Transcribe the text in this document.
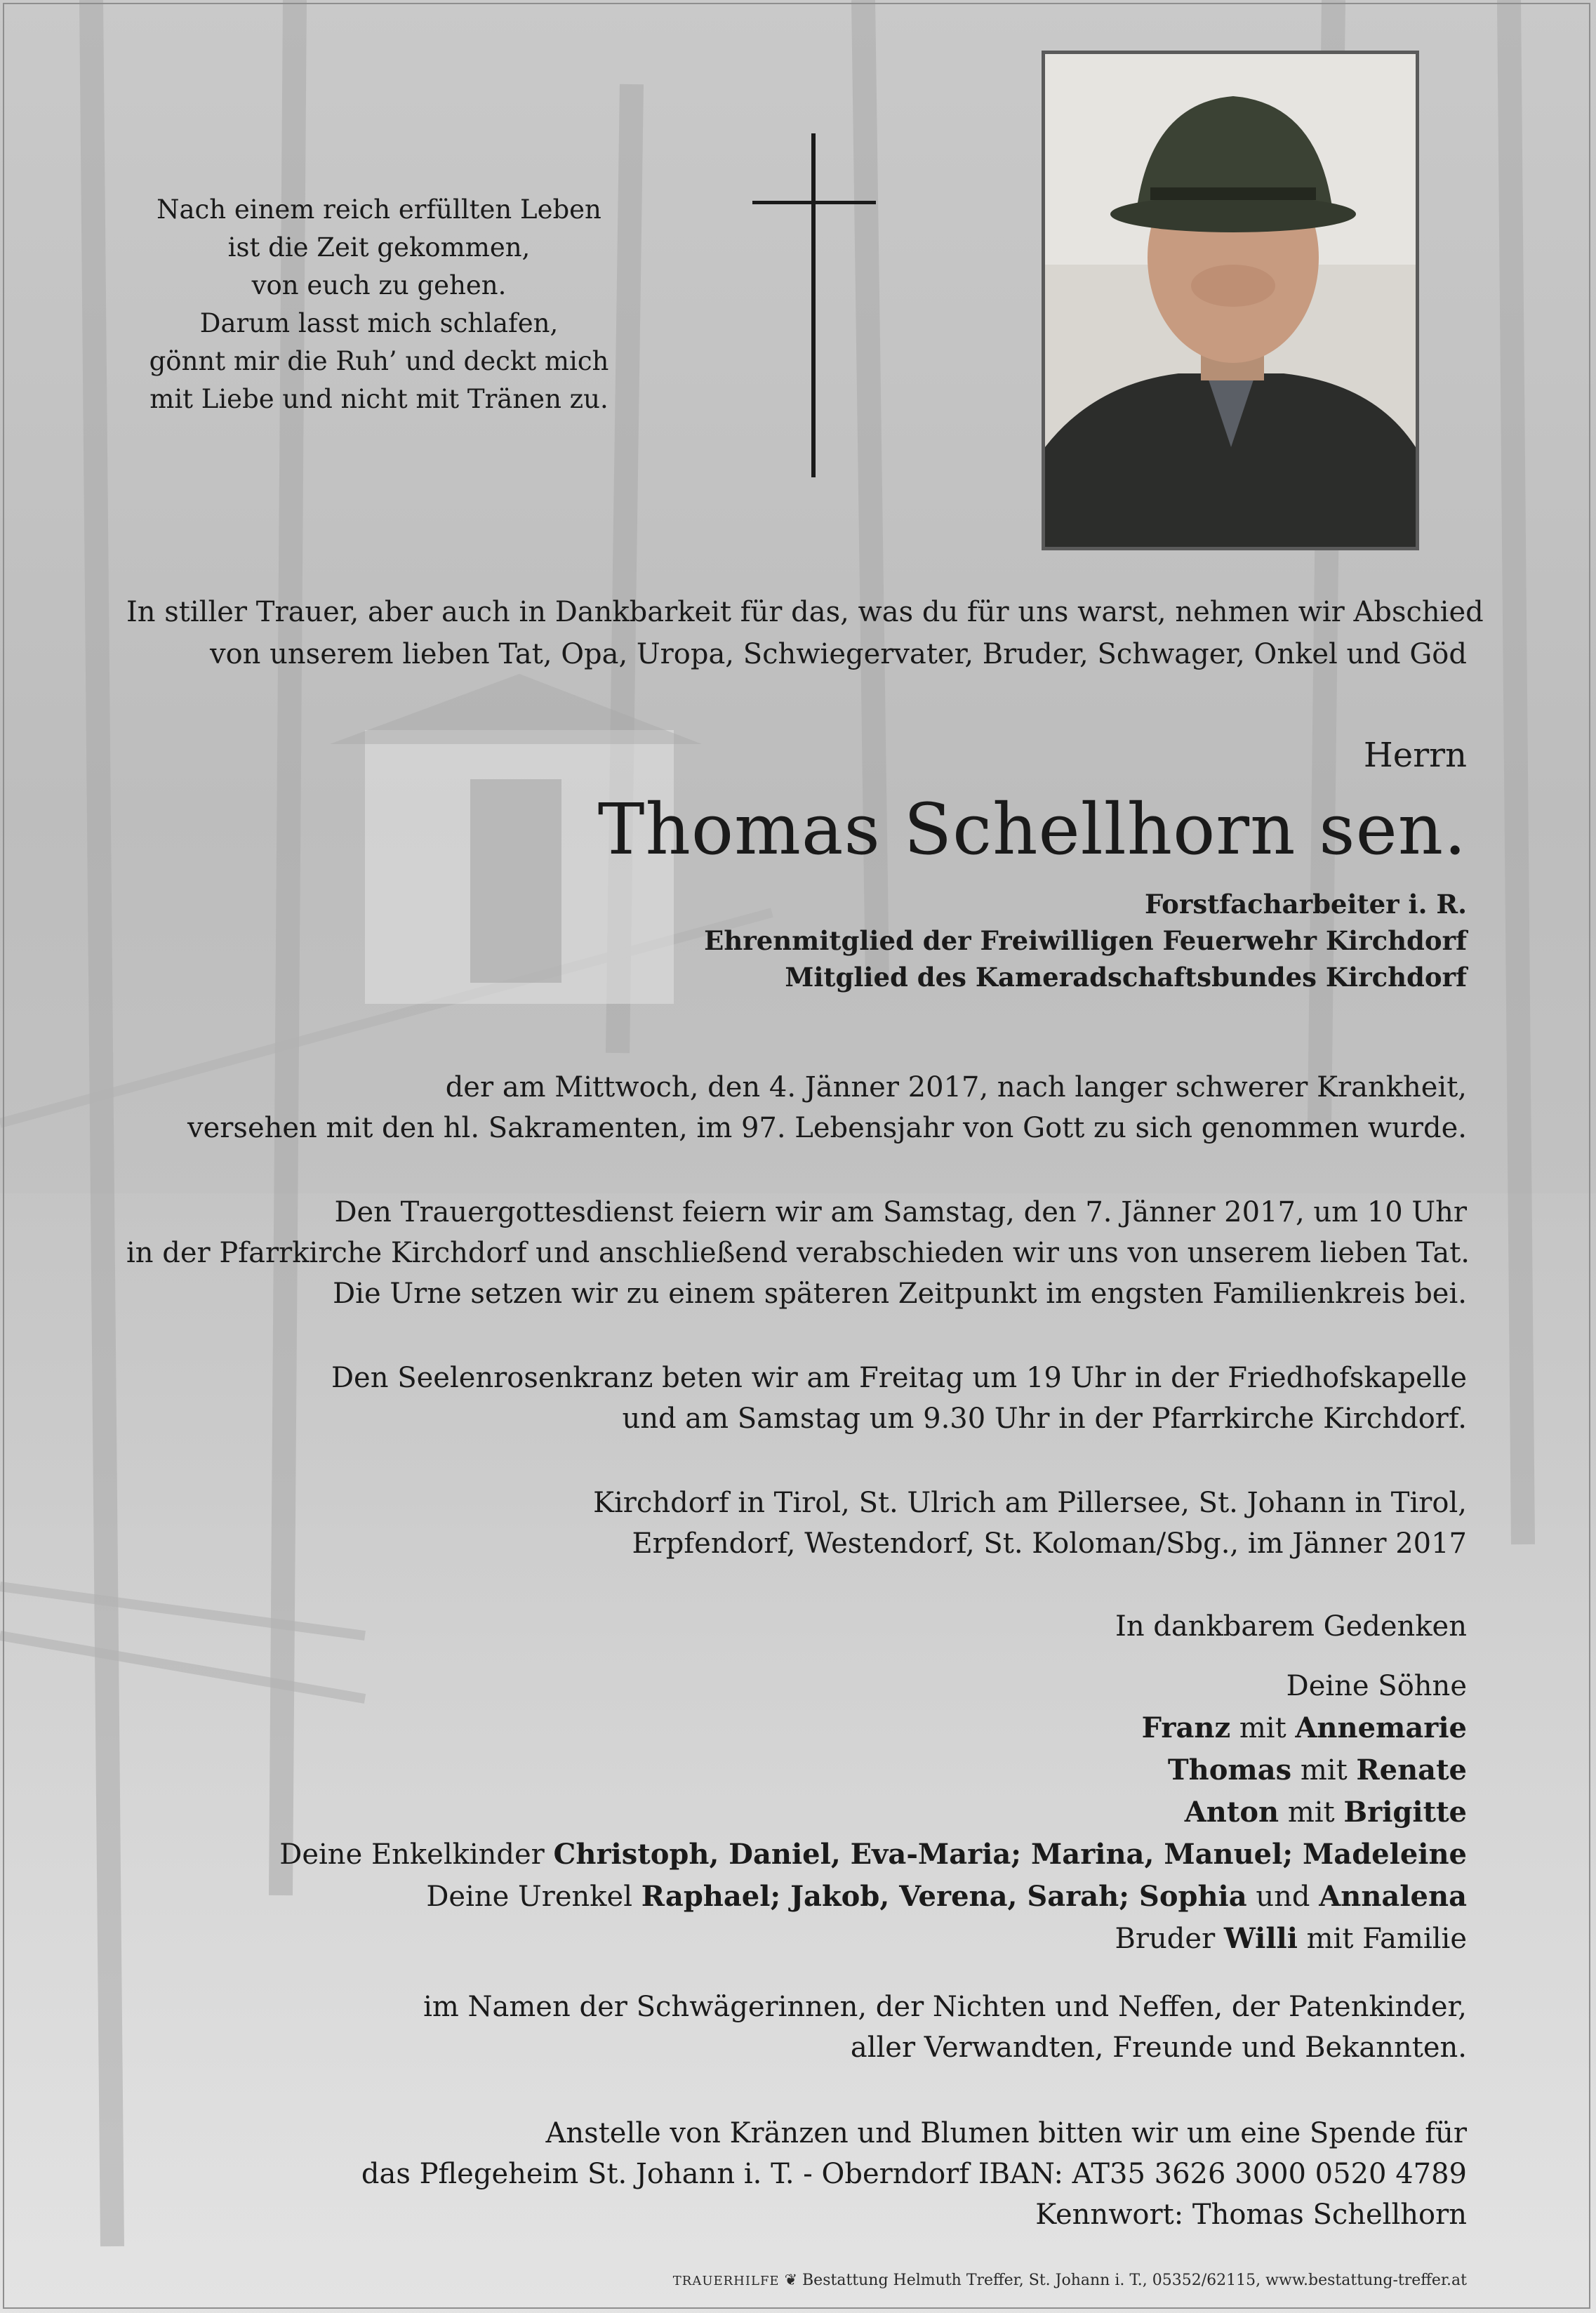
Nach einem reich erfüllten Leben
ist die Zeit gekommen,
von euch zu gehen.
Darum lasst mich schlafen,
gönnt mir die Ruh’ und deckt mich
mit Liebe und nicht mit Tränen zu.
In stiller Trauer, aber auch in Dankbarkeit für das, was du für uns warst, nehmen wir Abschied
von unserem lieben Tat, Opa, Uropa, Schwiegervater, Bruder, Schwager, Onkel und Göd
Herrn
Thomas Schellhorn sen.
Forstfacharbeiter i. R.
Ehrenmitglied der Freiwilligen Feuerwehr Kirchdorf
Mitglied des Kameradschaftsbundes Kirchdorf
der am Mittwoch, den 4. Jänner 2017, nach langer schwerer Krankheit,
versehen mit den hl. Sakramenten, im 97. Lebensjahr von Gott zu sich genommen wurde.
Den Trauergottesdienst feiern wir am Samstag, den 7. Jänner 2017, um 10 Uhr
in der Pfarrkirche Kirchdorf und anschließend verabschieden wir uns von unserem lieben Tat.
Die Urne setzen wir zu einem späteren Zeitpunkt im engsten Familienkreis bei.
Den Seelenrosenkranz beten wir am Freitag um 19 Uhr in der Friedhofskapelle
und am Samstag um 9.30 Uhr in der Pfarrkirche Kirchdorf.
Kirchdorf in Tirol, St. Ulrich am Pillersee, St. Johann in Tirol,
Erpfendorf, Westendorf, St. Koloman/Sbg., im Jänner 2017
In dankbarem Gedenken
Deine Söhne
Franz mit Annemarie
Thomas mit Renate
Anton mit Brigitte
Deine Enkelkinder Christoph, Daniel, Eva-Maria; Marina, Manuel; Madeleine
Deine Urenkel Raphael; Jakob, Verena, Sarah; Sophia und Annalena
Bruder Willi mit Familie
im Namen der Schwägerinnen, der Nichten und Neffen, der Patenkinder,
aller Verwandten, Freunde und Bekannten.
Anstelle von Kränzen und Blumen bitten wir um eine Spende für
das Pflegeheim St. Johann i. T. - Oberndorf IBAN: AT35 3626 3000 0520 4789
Kennwort: Thomas Schellhorn
TRAUERHILFE ❦ Bestattung Helmuth Treffer, St. Johann i. T., 05352/62115, www.bestattung-treffer.at
